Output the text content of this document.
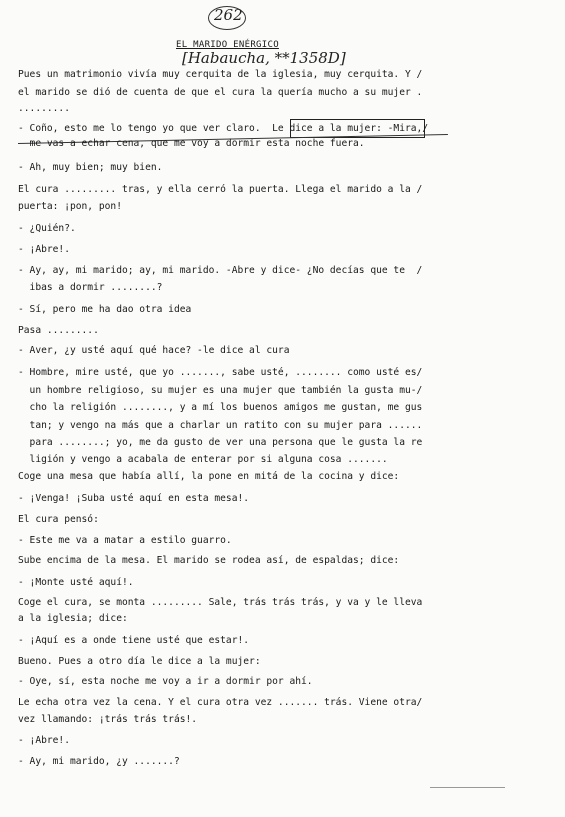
262
EL MARIDO ENÉRGICO
[Habaucha, **1358D]
Pues un matrimonio vivía muy cerquita de la iglesia, muy cerquita. Y /
el marido se dió de cuenta de que el cura la quería mucho a su mujer .
.........
- Coño, esto me lo tengo yo que ver claro.  Le dice a la mujer: -Mira,/
me vas a echar cena, que me voy a dormir esta noche fuera.
- Ah, muy bien; muy bien.
El cura ......... tras, y ella cerró la puerta. Llega el marido a la /
puerta: ¡pon, pon!
- ¿Quién?.
- ¡Abre!.
- Ay, ay, mi marido; ay, mi marido. -Abre y dice- ¿No decías que te  /
ibas a dormir ........?
- Sí, pero me ha dao otra idea
Pasa .........
- Aver, ¿y usté aquí qué hace? -le dice al cura
- Hombre, mire usté, que yo ......., sabe usté, ........ como usté es/
un hombre religioso, su mujer es una mujer que también la gusta mu-/
cho la religión ........, y a mí los buenos amigos me gustan, me gus
tan; y vengo na más que a charlar un ratito con su mujer para ......
para ........; yo, me da gusto de ver una persona que le gusta la re
ligión y vengo a acabala de enterar por si alguna cosa .......
Coge una mesa que había allí, la pone en mitá de la cocina y dice:
- ¡Venga! ¡Suba usté aquí en esta mesa!.
El cura pensó:
- Este me va a matar a estilo guarro.
Sube encima de la mesa. El marido se rodea así, de espaldas; dice:
- ¡Monte usté aquí!.
Coge el cura, se monta ......... Sale, trás trás trás, y va y le lleva
a la iglesia; dice:
- ¡Aquí es a onde tiene usté que estar!.
Bueno. Pues a otro día le dice a la mujer:
- Oye, sí, esta noche me voy a ir a dormir por ahí.
Le echa otra vez la cena. Y el cura otra vez ....... trás. Viene otra/
vez llamando: ¡trás trás trás!.
- ¡Abre!.
- Ay, mi marido, ¿y .......?
